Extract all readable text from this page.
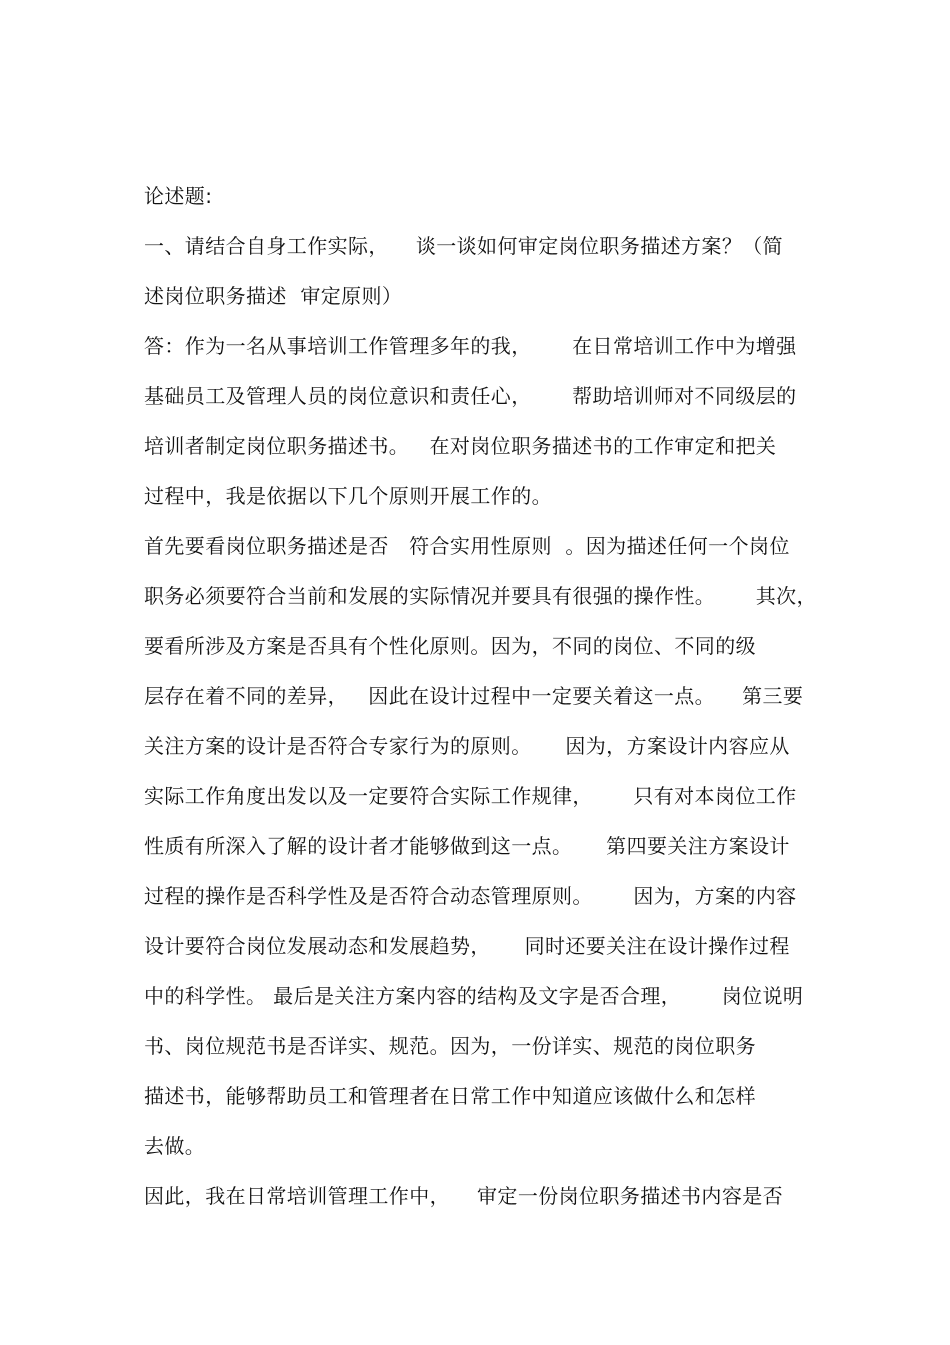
论述题:
一、请结合自身工作实际，    谈一谈如何审定岗位职务描述方案？（简
述岗位职务描述  审定原则）
答：作为一名从事培训工作管理多年的我，      在日常培训工作中为增强
基础员工及管理人员的岗位意识和责任心，      帮助培训师对不同级层的
培训者制定岗位职务描述书。   在对岗位职务描述书的工作审定和把关
过程中，我是依据以下几个原则开展工作的。
首先要看岗位职务描述是否   符合实用性原则  。因为描述任何一个岗位
职务必须要符合当前和发展的实际情况并要具有很强的操作性。      其次，
要看所涉及方案是否具有个性化原则。因为，不同的岗位、不同的级
层存在着不同的差异，   因此在设计过程中一定要关着这一点。    第三要
关注方案的设计是否符合专家行为的原则。     因为，方案设计内容应从
实际工作角度出发以及一定要符合实际工作规律，      只有对本岗位工作
性质有所深入了解的设计者才能够做到这一点。     第四要关注方案设计
过程的操作是否科学性及是否符合动态管理原则。      因为，方案的内容
设计要符合岗位发展动态和发展趋势，     同时还要关注在设计操作过程
中的科学性。 最后是关注方案内容的结构及文字是否合理，      岗位说明
书、岗位规范书是否详实、规范。因为，一份详实、规范的岗位职务
描述书，能够帮助员工和管理者在日常工作中知道应该做什么和怎样
去做。
因此，我在日常培训管理工作中，    审定一份岗位职务描述书内容是否
